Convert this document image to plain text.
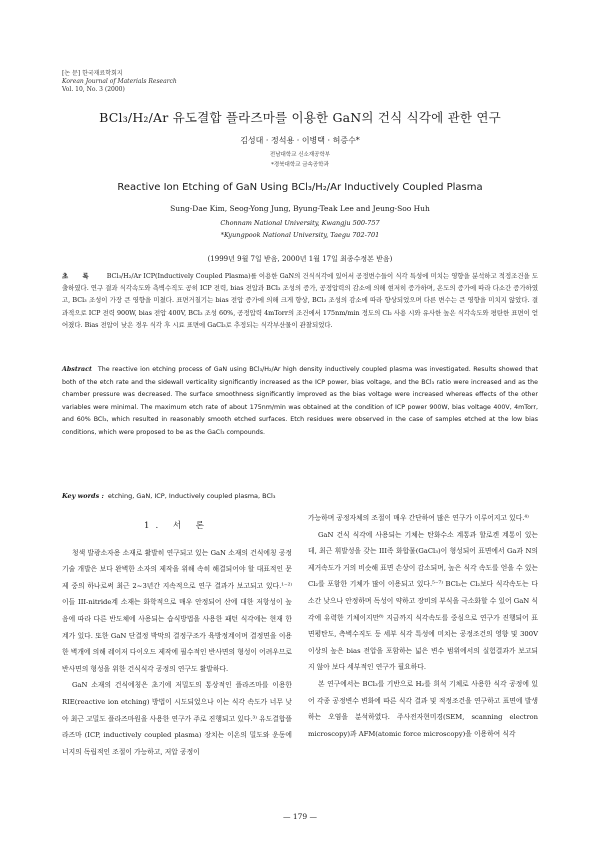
[논 문] 한국재료학회지
Korean Journal of Materials Research
Vol. 10, No. 3 (2000)
BCl₃/H₂/Ar 유도결합 플라즈마를 이용한 GaN의 건식 식각에 관한 연구
김성대 · 정석용 · 이병택 · 허증수*
전남대학교 신소재공학부
*경북대학교 금속공학과
Reactive Ion Etching of GaN Using BCl₃/H₂/Ar Inductively Coupled Plasma
Sung-Dae Kim, Seog-Yong Jung, Byung-Teak Lee and Jeung-Soo Huh
Chonnam National University, Kwangju 500-757
*Kyungpook National University, Taegu 702-701
(1999년 9월 7일 받음, 2000년 1월 17일 최종수정본 받음)
초 록 BCl₃/H₂/Ar ICP(Inductively Coupled Plasma)를 이용한 GaN의 건식식각에 있어서 공정변수들이 식각 특성에 미치는 영향을 분석하고 적정조건을 도출하였다. 연구 결과 식각속도와 측벽수직도 공히 ICP 전력, bias 전압과 BCl₃ 조성의 증가, 공정압력의 감소에 의해 현저히 증가하며, 온도의 증가에 따라 다소간 증가하였고, BCl₃ 조성이 가장 큰 영향을 미쳤다. 표면거칠기는 bias 전압 증가에 의해 크게 향상, BCl₃ 조성의 감소에 따라 향상되었으며 다른 변수는 큰 영향을 미치지 않았다. 결과적으로 ICP 전력 900W, bias 전압 400V, BCl₃ 조성 60%, 공정압력 4mTorr의 조건에서 175nm/min 정도의 Cl₂ 사용 시와 유사한 높은 식각속도와 평탄한 표면이 얻어졌다. Bias 전압이 낮은 경우 식각 후 시료 표면에 GaCl₃로 추정되는 식각부산물이 관찰되었다.
Abstract The reactive ion etching process of GaN using BCl₃/H₂/Ar high density inductively coupled plasma was investigated. Results showed that both of the etch rate and the sidewall verticality significantly increased as the ICP power, bias voltage, and the BCl₃ ratio were increased and as the chamber pressure was decreased. The surface smoothness significantly improved as the bias voltage were increased whereas effects of the other variables were minimal. The maximum etch rate of about 175nm/min was obtained at the condition of ICP power 900W, bias voltage 400V, 4mTorr, and 60% BCl₃, which resulted in reasonably smooth etched surfaces. Etch residues were observed in the case of samples etched at the low bias conditions, which were proposed to be as the GaCl₃ compounds.
Key words : etching, GaN, ICP, Inductively coupled plasma, BCl₃
1. 서 론

청색 발광소자용 소재로 활발히 연구되고 있는 GaN 소재의 건식에칭 공정기술 개발은 보다 완벽한 소자의 제작을 위해 속히 해결되어야 할 대표적인 문제 중의 하나로써 최근 2~3년간 지속적으로 연구 결과가 보고되고 있다.¹⁻²⁾ 이들 III-nitride계 소재는 화학적으로 매우 안정되어 산에 대한 저항성이 높음에 따라 다른 반도체에 사용되는 습식방법을 사용한 패턴 식각에는 현재 한계가 있다. 또한 GaN 단결정 박막의 결정구조가 육방정계이며 결정면을 이용한 벽개에 의해 레이저 다이오드 제작에 필수적인 반사면의 형성이 어려우므로 반사면의 형성을 위한 건식식각 공정의 연구도 활발하다.

GaN 소재의 건식에칭은 초기에 저밀도의 통상적인 플라즈마를 이용한 RIE(reactive ion etching) 방법이 시도되었으나 이는 식각 속도가 너무 낮아 최근 고밀도 플라즈마원을 사용한 연구가 주로 진행되고 있다.³⁾ 유도결합플라즈마 (ICP, inductively coupled plasma) 장치는 이온의 밀도와 운동에너지의 독립적인 조절이 가능하고, 저압 공정이

가능하며 공정자체의 조절이 매우 간단하여 많은 연구가 이루어지고 있다.⁴⁾

GaN 건식 식각에 사용되는 기체는 탄화수소 계통과 할로겐 계통이 있는데, 최근 휘발성을 갖는 III족 화합물(GaCl₃)이 형성되어 표면에서 Ga과 N의 제거속도가 거의 비슷해 표면 손상이 감소되며, 높은 식각 속도를 얻을 수 있는 Cl₂를 포함한 기체가 많이 이용되고 있다.⁵⁻⁷⁾ BCl₃는 Cl₂보다 식각속도는 다소간 낮으나 안정하며 독성이 약하고 장비의 부식을 극소화할 수 있어 GaN 식각에 유력한 기체이지만⁸⁾ 지금까지 식각속도를 중심으로 연구가 진행되어 표면평탄도, 측벽수직도 등 세부 식각 특성에 미치는 공정조건의 영향 및 300V 이상의 높은 bias 전압을 포함하는 넓은 변수 범위에서의 실험결과가 보고되지 않아 보다 세부적인 연구가 필요하다.

본 연구에서는 BCl₃를 기반으로 H₂를 희석 기체로 사용한 식각 공정에 있어 각종 공정변수 변화에 따른 식각 결과 및 적정조건을 연구하고 표면에 발생하는 오염을 분석하였다. 주사전자현미경(SEM, scanning electron microscopy)과 AFM(atomic force microscopy)을 이용하여 식각

— 179 —
